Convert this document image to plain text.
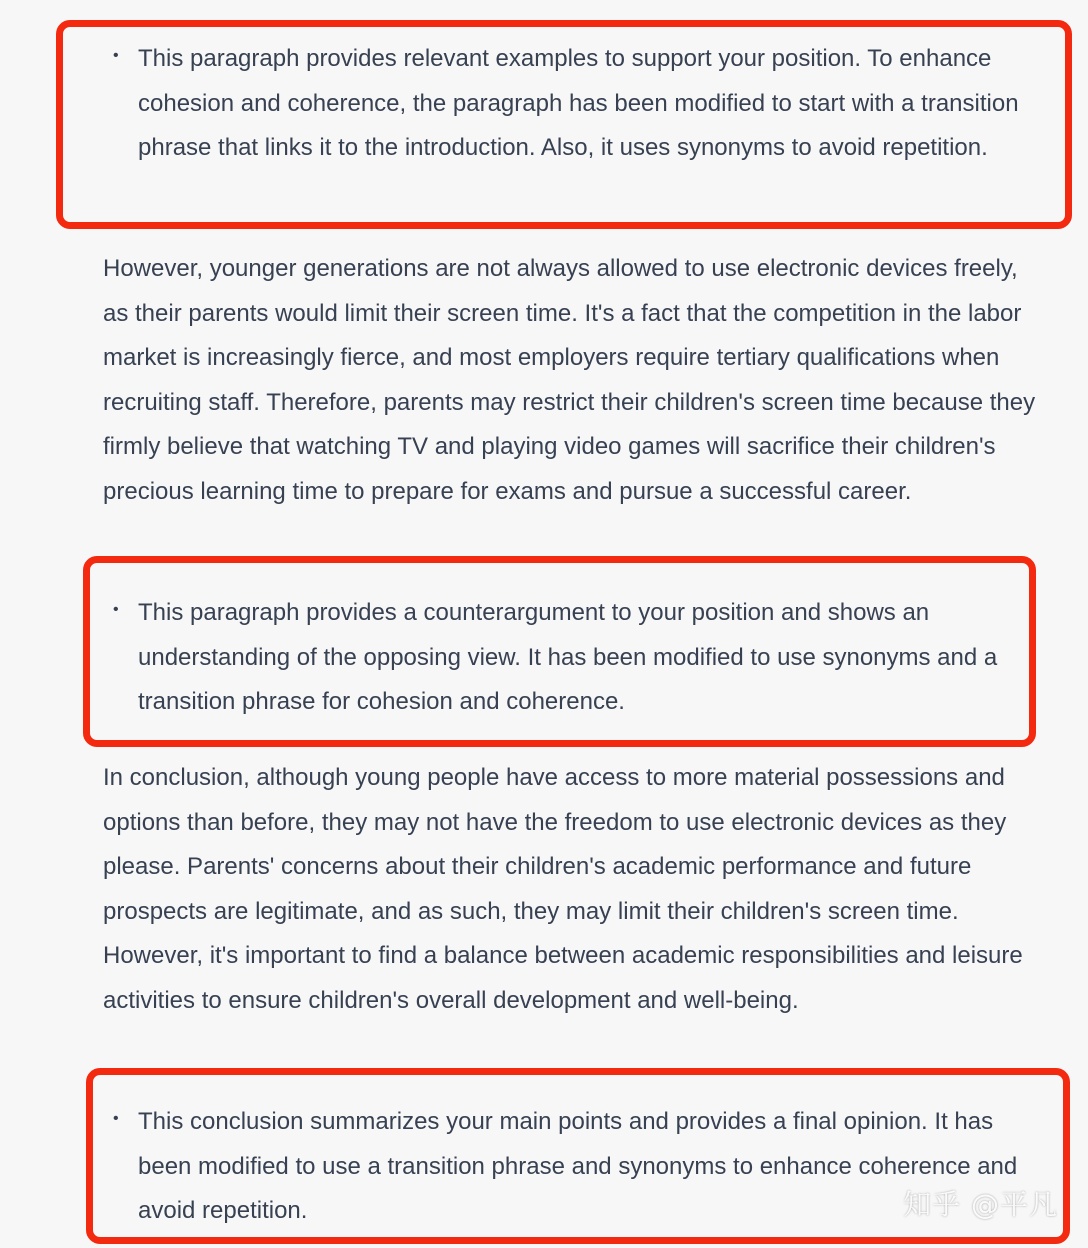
• This paragraph provides relevant examples to support your position. To enhance cohesion and coherence, the paragraph has been modified to start with a transition phrase that links it to the introduction. Also, it uses synonyms to avoid repetition.

However, younger generations are not always allowed to use electronic devices freely, as their parents would limit their screen time. It's a fact that the competition in the labor market is increasingly fierce, and most employers require tertiary qualifications when recruiting staff. Therefore, parents may restrict their children's screen time because they firmly believe that watching TV and playing video games will sacrifice their children's precious learning time to prepare for exams and pursue a successful career.

• This paragraph provides a counterargument to your position and shows an understanding of the opposing view. It has been modified to use synonyms and a transition phrase for cohesion and coherence.

In conclusion, although young people have access to more material possessions and options than before, they may not have the freedom to use electronic devices as they please. Parents' concerns about their children's academic performance and future prospects are legitimate, and as such, they may limit their children's screen time. However, it's important to find a balance between academic responsibilities and leisure activities to ensure children's overall development and well-being.

• This conclusion summarizes your main points and provides a final opinion. It has been modified to use a transition phrase and synonyms to enhance coherence and avoid repetition.	知乎 @平凡
